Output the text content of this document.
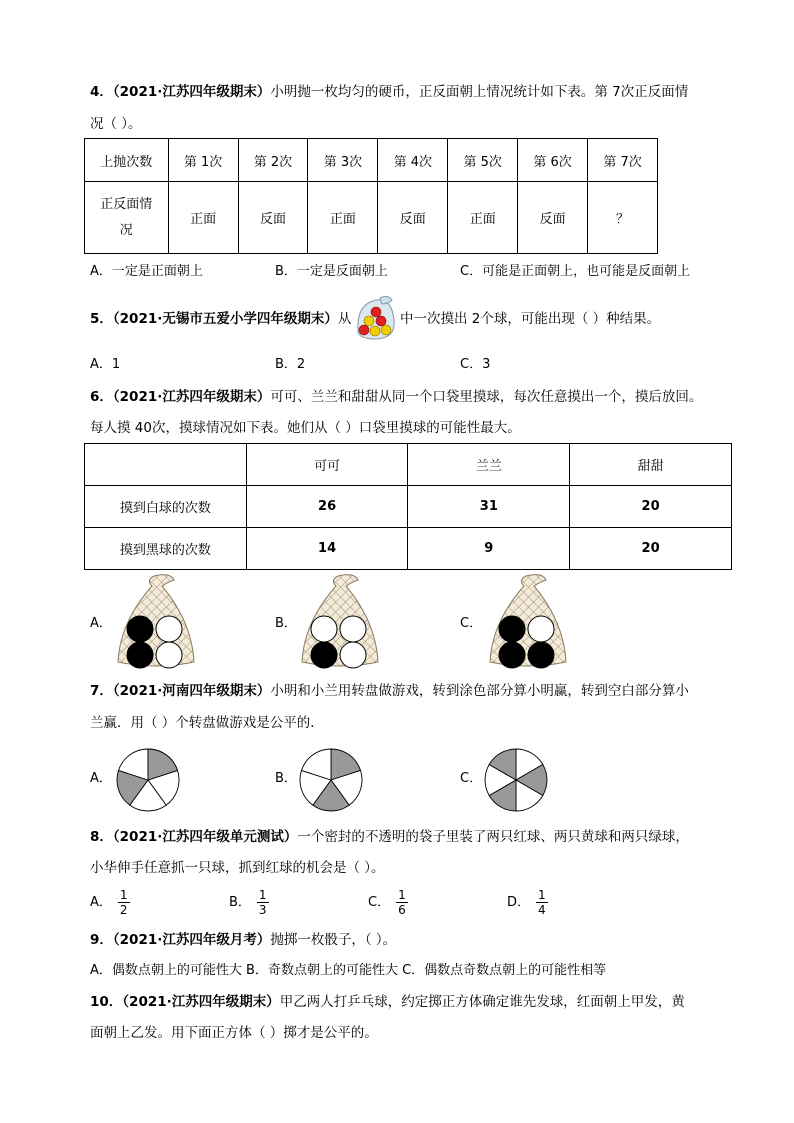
4．（2021·江苏四年级期末）小明抛一枚均匀的硬币，正反面朝上情况统计如下表。第 7次正反面情
况（ ）。
上抛次数	第 1次	第 2次	第 3次	第 4次	第 5次	第 6次	第 7次
正反面情
况	正面	反面	正面	反面	正面	反面	？
A．一定是正面朝上	B．一定是反面朝上	C．可能是正面朝上，也可能是反面朝上
5．（2021·无锡市五爱小学四年级期末）从	中一次摸出 2个球，可能出现（ ）种结果。
A．1	B．2	C．3
6．（2021·江苏四年级期末）可可、兰兰和甜甜从同一个口袋里摸球，每次任意摸出一个，摸后放回。
每人摸 40次，摸球情况如下表。她们从（ ）口袋里摸球的可能性最大。
	可可	兰兰	甜甜
摸到白球的次数	26	31	20
摸到黑球的次数	14	9	20
A．	B．	C．
7．（2021·河南四年级期末）小明和小兰用转盘做游戏，转到涂色部分算小明赢，转到空白部分算小
兰赢．用（ ）个转盘做游戏是公平的．
A．	B．	C．
8．（2021·江苏四年级单元测试）一个密封的不透明的袋子里装了两只红球、两只黄球和两只绿球，
小华伸手任意抓一只球，抓到红球的机会是（ ）。
A． $\frac{1}{2}$	B． $\frac{1}{3}$	C． $\frac{1}{6}$	D． $\frac{1}{4}$
9．（2021·江苏四年级月考）抛掷一枚骰子，（ ）。
A．偶数点朝上的可能性大 B．奇数点朝上的可能性大 C．偶数点奇数点朝上的可能性相等
10．（2021·江苏四年级期末）甲乙两人打乒乓球，约定掷正方体确定谁先发球，红面朝上甲发，黄
面朝上乙发。用下面正方体（ ）掷才是公平的。
